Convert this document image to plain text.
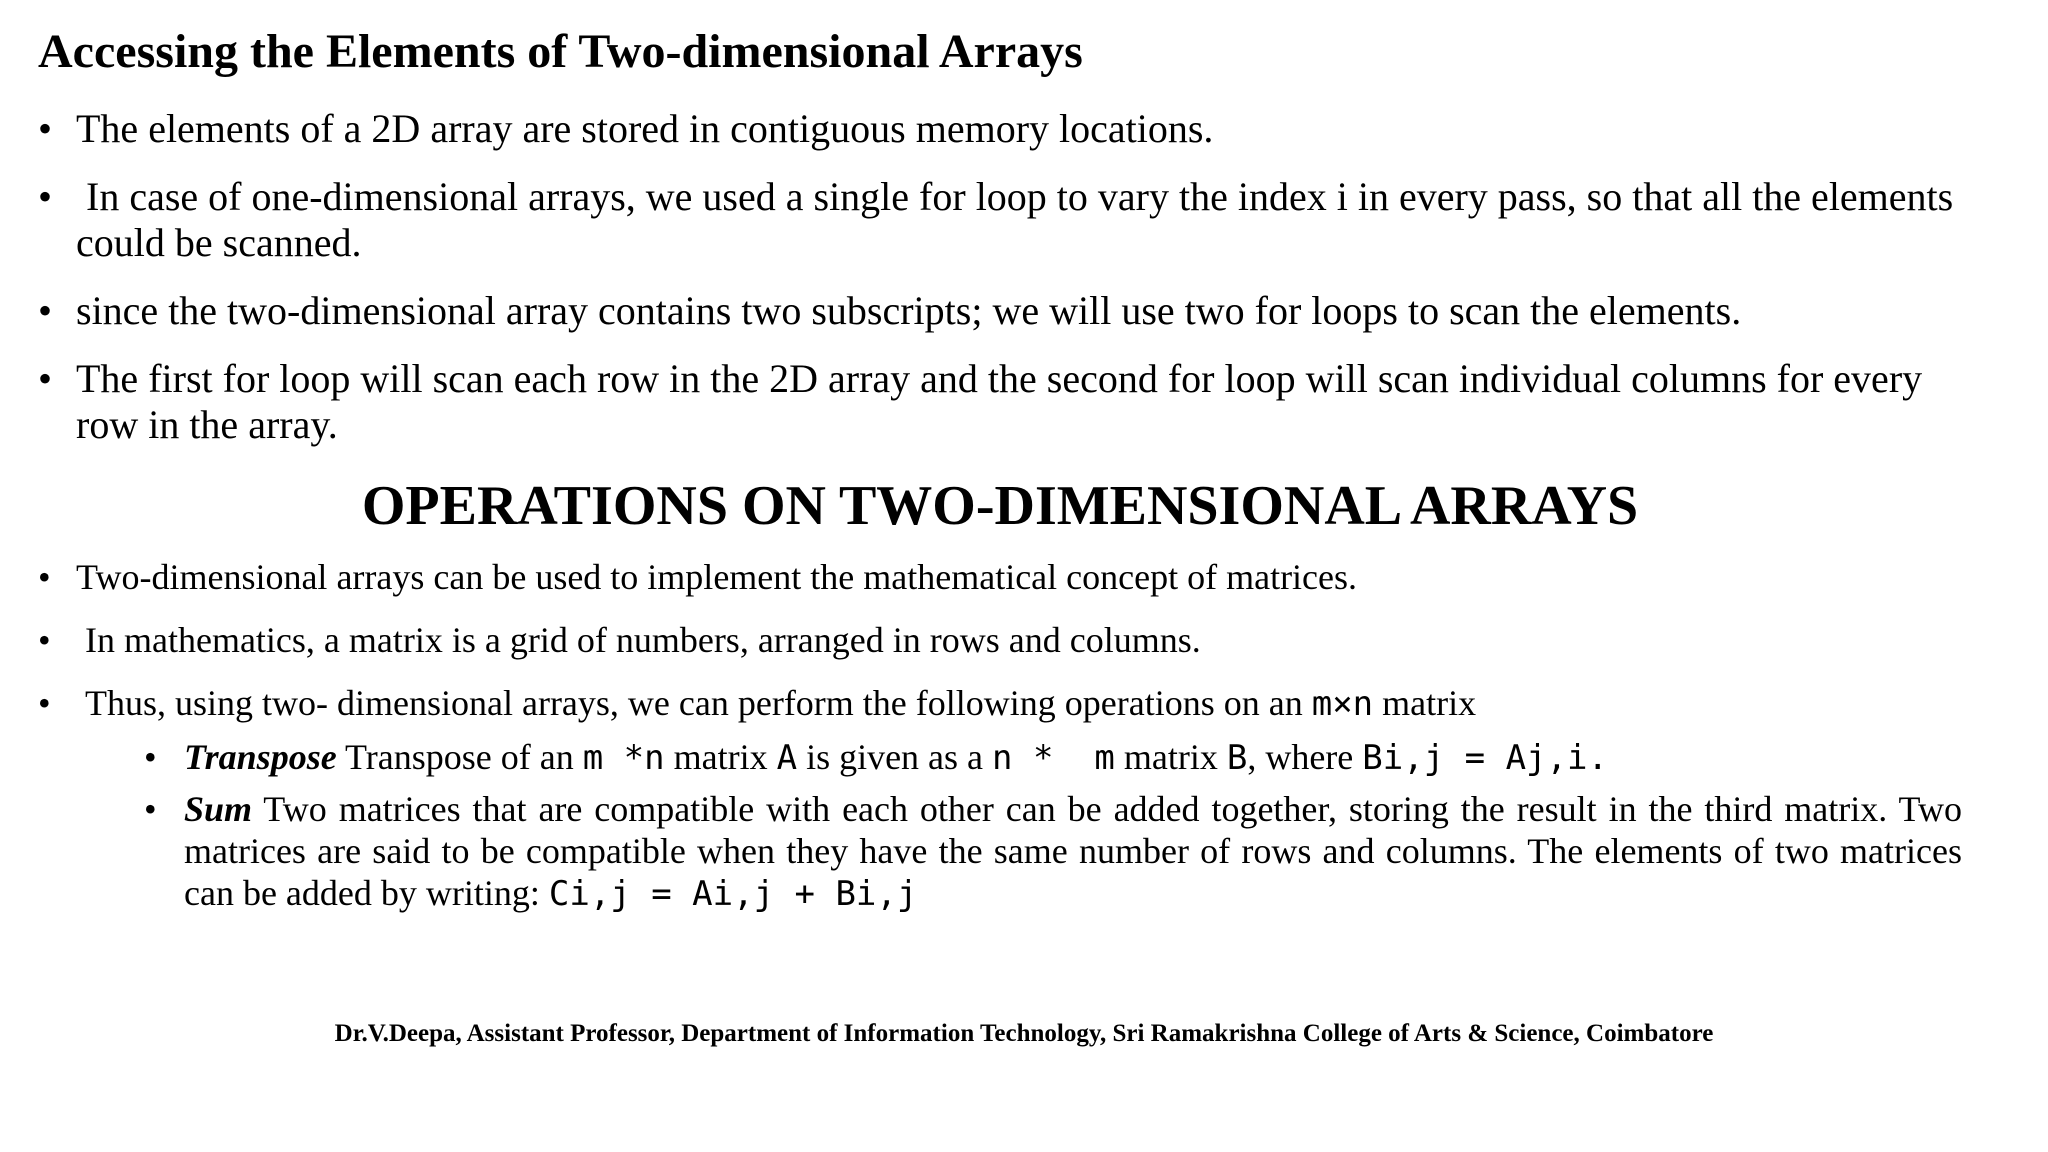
Accessing the Elements of Two-dimensional Arrays
• The elements of a 2D array are stored in contiguous memory locations.
• In case of one-dimensional arrays, we used a single for loop to vary the index i in every pass, so that all the elements could be scanned.
• since the two-dimensional array contains two subscripts; we will use two for loops to scan the elements.
• The first for loop will scan each row in the 2D array and the second for loop will scan individual columns for every row in the array.
OPERATIONS ON TWO-DIMENSIONAL ARRAYS
• Two-dimensional arrays can be used to implement the mathematical concept of matrices.
• In mathematics, a matrix is a grid of numbers, arranged in rows and columns.
• Thus, using two- dimensional arrays, we can perform the following operations on an m×n matrix
• Transpose Transpose of an m *n matrix A is given as a n *  m matrix B, where Bi,j = Aj,i.
• Sum Two matrices that are compatible with each other can be added together, storing the result in the third matrix. Two matrices are said to be compatible when they have the same number of rows and columns. The elements of two matrices can be added by writing: Ci,j = Ai,j + Bi,j

Dr.V.Deepa, Assistant Professor, Department of Information Technology, Sri Ramakrishna College of Arts & Science, Coimbatore
